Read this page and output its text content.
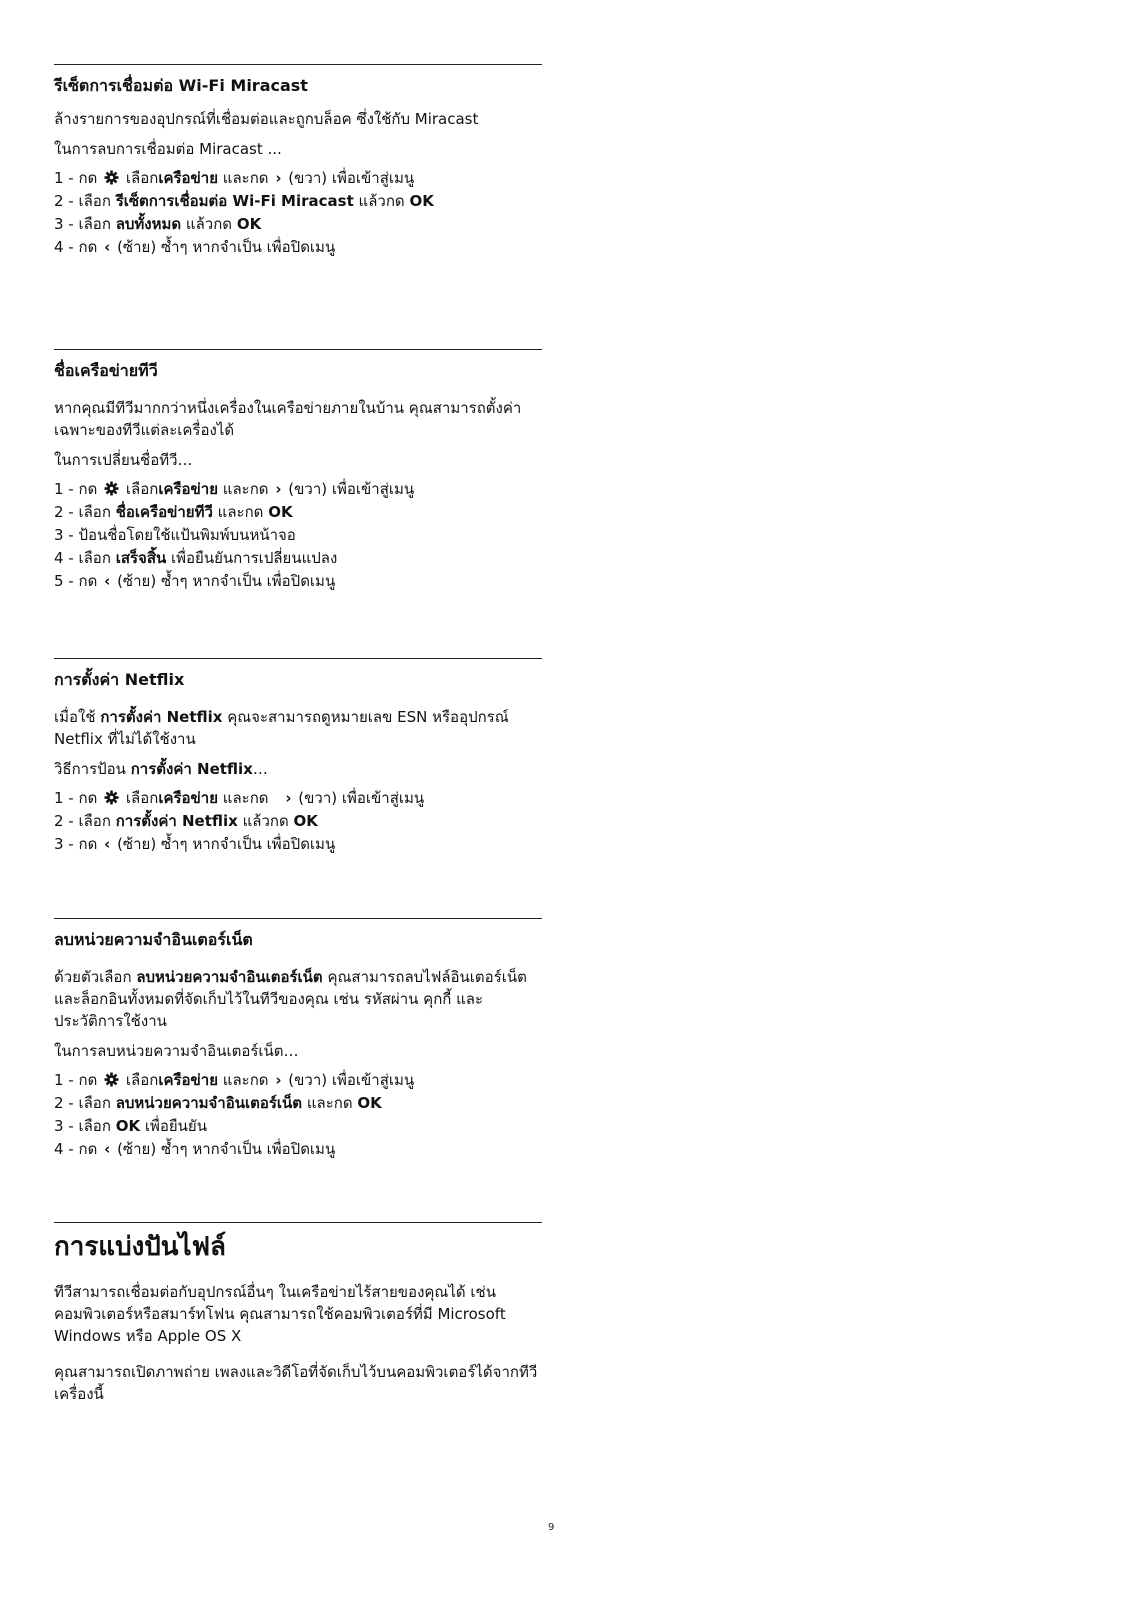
รีเซ็ตการเชื่อมต่อ Wi-Fi Miracast
ล้างรายการของอุปกรณ์ที่เชื่อมต่อและถูกบล็อค ซึ่งใช้กับ Miracast
ในการลบการเชื่อมต่อ Miracast ...
1 - กด เลือกเครือข่าย และกด › (ขวา) เพื่อเข้าสู่เมนู
2 - เลือก รีเซ็ตการเชื่อมต่อ Wi-Fi Miracast แล้วกด OK
3 - เลือก ลบทั้งหมด แล้วกด OK
4 - กด ‹ (ซ้าย) ซ้ำๆ หากจำเป็น เพื่อปิดเมนู
ชื่อเครือข่ายทีวี
หากคุณมีทีวีมากกว่าหนึ่งเครื่องในเครือข่ายภายในบ้าน คุณสามารถตั้งค่าเฉพาะของทีวีแต่ละเครื่องได้
ในการเปลี่ยนชื่อทีวี…
1 - กด เลือกเครือข่าย และกด › (ขวา) เพื่อเข้าสู่เมนู
2 - เลือก ชื่อเครือข่ายทีวี และกด OK
3 - ป้อนชื่อโดยใช้แป้นพิมพ์บนหน้าจอ
4 - เลือก เสร็จสิ้น เพื่อยืนยันการเปลี่ยนแปลง
5 - กด ‹ (ซ้าย) ซ้ำๆ หากจำเป็น เพื่อปิดเมนู
การตั้งค่า Netflix
เมื่อใช้ การตั้งค่า Netflix คุณจะสามารถดูหมายเลข ESN หรืออุปกรณ์ Netflix ที่ไม่ได้ใช้งาน
วิธีการป้อน การตั้งค่า Netflix…
1 - กด เลือกเครือข่าย และกด › (ขวา) เพื่อเข้าสู่เมนู
2 - เลือก การตั้งค่า Netflix แล้วกด OK
3 - กด ‹ (ซ้าย) ซ้ำๆ หากจำเป็น เพื่อปิดเมนู
ลบหน่วยความจำอินเตอร์เน็ต
ด้วยตัวเลือก ลบหน่วยความจำอินเตอร์เน็ต คุณสามารถลบไฟล์อินเตอร์เน็ตและล็อกอินทั้งหมดที่จัดเก็บไว้ในทีวีของคุณ เช่น รหัสผ่าน คุกกี้ และประวัติการใช้งาน
ในการลบหน่วยความจำอินเตอร์เน็ต…
1 - กด เลือกเครือข่าย และกด › (ขวา) เพื่อเข้าสู่เมนู
2 - เลือก ลบหน่วยความจำอินเตอร์เน็ต และกด OK
3 - เลือก OK เพื่อยืนยัน
4 - กด ‹ (ซ้าย) ซ้ำๆ หากจำเป็น เพื่อปิดเมนู
การแบ่งปันไฟล์
ทีวีสามารถเชื่อมต่อกับอุปกรณ์อื่นๆ ในเครือข่ายไร้สายของคุณได้ เช่น คอมพิวเตอร์หรือสมาร์ทโฟน คุณสามารถใช้คอมพิวเตอร์ที่มี Microsoft Windows หรือ Apple OS X
คุณสามารถเปิดภาพถ่าย เพลงและวิดีโอที่จัดเก็บไว้บนคอมพิวเตอร์ได้จากทีวีเครื่องนี้
9
